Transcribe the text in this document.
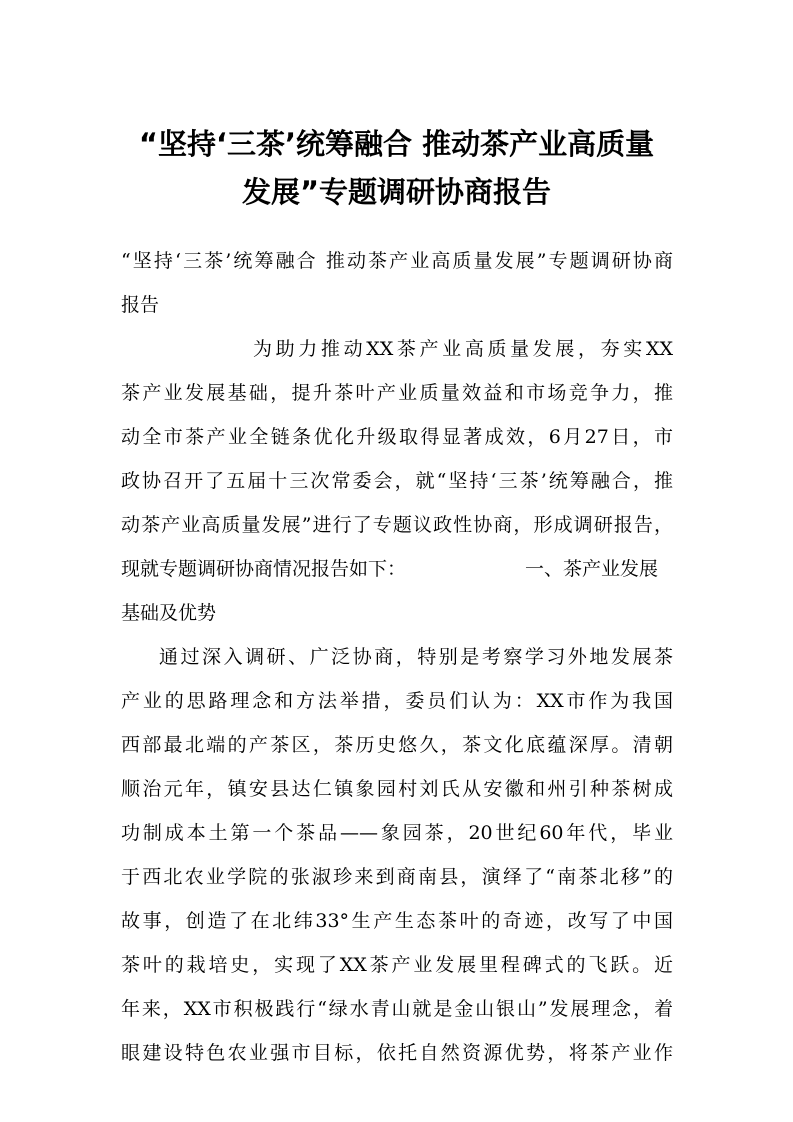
“坚持‘三茶’统筹融合 推动茶产业高质量
发展”专题调研协商报告
“坚持‘三茶’统筹融合 推动茶产业高质量发展”专题调研协商
报告
为助力推动XX茶产业高质量发展，夯实XX
茶产业发展基础，提升茶叶产业质量效益和市场竞争力，推
动全市茶产业全链条优化升级取得显著成效，6月27日，市
政协召开了五届十三次常委会，就“坚持‘三茶’统筹融合，推
动茶产业高质量发展”进行了专题议政性协商，形成调研报告，
现就专题调研协商情况报告如下：	一、茶产业发展
基础及优势
通过深入调研、广泛协商，特别是考察学习外地发展茶
产业的思路理念和方法举措，委员们认为：XX市作为我国
西部最北端的产茶区，茶历史悠久，茶文化底蕴深厚。清朝
顺治元年，镇安县达仁镇象园村刘氏从安徽和州引种茶树成
功制成本土第一个茶品——象园茶，20世纪60年代，毕业
于西北农业学院的张淑珍来到商南县，演绎了“南茶北移”的
故事，创造了在北纬33°生产生态茶叶的奇迹，改写了中国
茶叶的栽培史，实现了XX茶产业发展里程碑式的飞跃。近
年来，XX市积极践行“绿水青山就是金山银山”发展理念，着
眼建设特色农业强市目标，依托自然资源优势，将茶产业作
